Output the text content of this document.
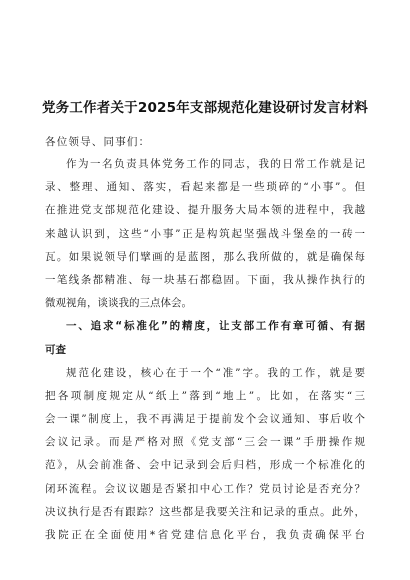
党务工作者关于2025年支部规范化建设研讨发言材料
各位领导、同事们：
作为一名负责具体党务工作的同志，我的日常工作就是记
录、整理、通知、落实，看起来都是一些琐碎的“小事”。但
在推进党支部规范化建设、提升服务大局本领的进程中，我越
来越认识到，这些“小事”正是构筑起坚强战斗堡垒的一砖一
瓦。如果说领导们擘画的是蓝图，那么我所做的，就是确保每
一笔线条都精准、每一块基石都稳固。下面，我从操作执行的
微观视角，谈谈我的三点体会。
一、追求“标准化”的精度，让支部工作有章可循、有据
可查
规范化建设，核心在于一个“准”字。我的工作，就是要
把各项制度规定从“纸上”落到“地上”。比如，在落实“三
会一课”制度上，我不再满足于提前发个会议通知、事后收个
会议记录。而是严格对照《党支部“三会一课”手册操作规
范》，从会前准备、会中记录到会后归档，形成一个标准化的
闭环流程。会议议题是否紧扣中心工作？党员讨论是否充分？
决议执行是否有跟踪？这些都是我要关注和记录的重点。此外，
我院正在全面使用*省党建信息化平台，我负责确保平台
